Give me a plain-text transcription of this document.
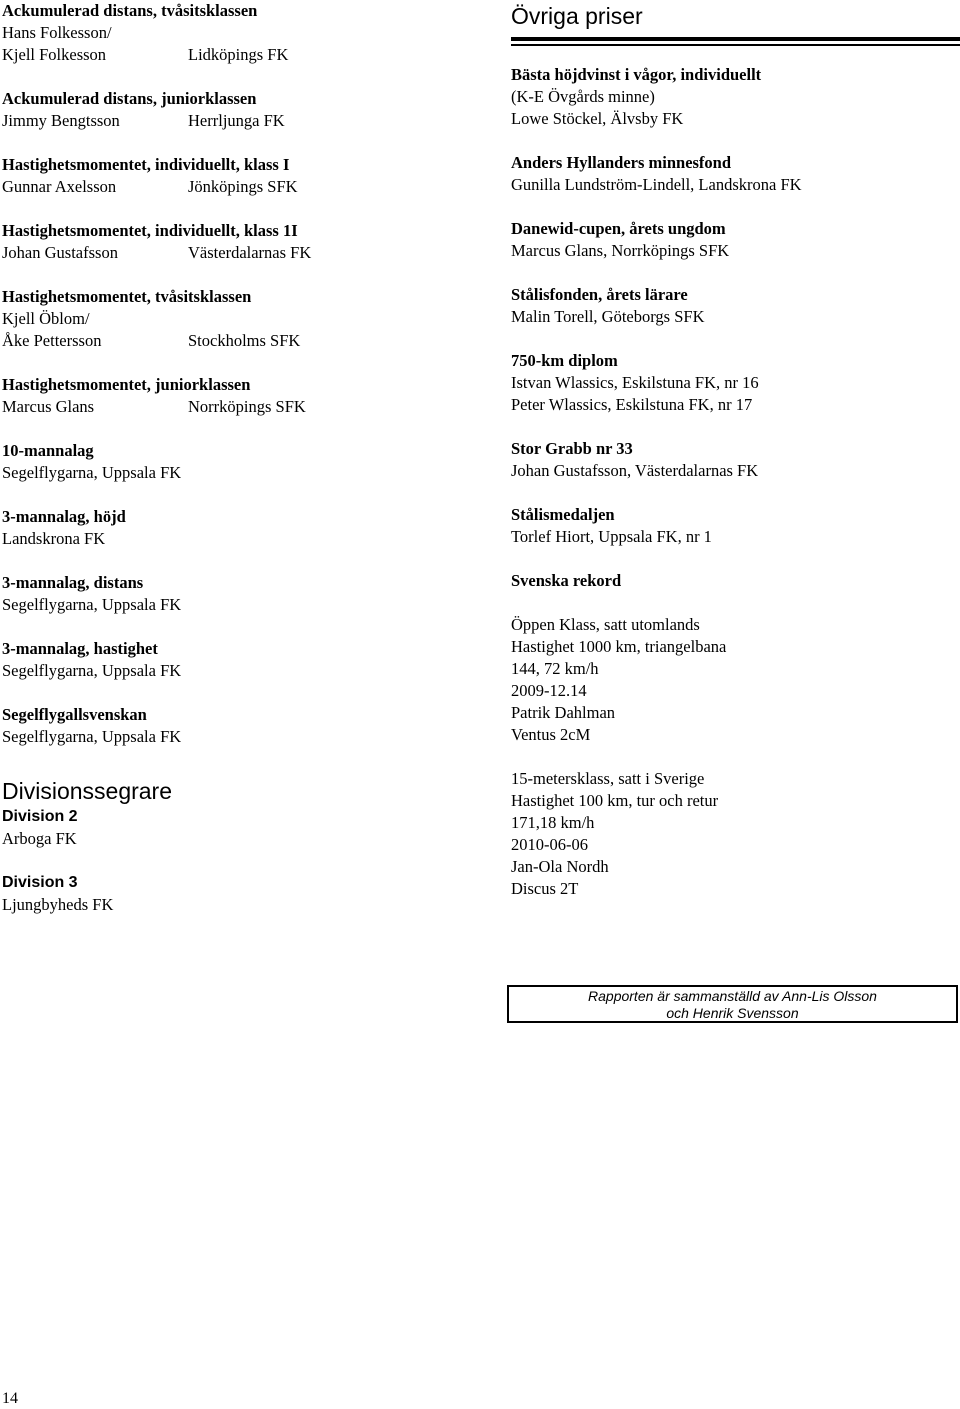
Ackumulerad distans, tvåsitsklassen
Hans Folkesson/
Kjell Folkesson	Lidköpings FK
Ackumulerad distans, juniorklassen
Jimmy Bengtsson	Herrljunga FK
Hastighetsmomentet, individuellt, klass I
Gunnar Axelsson	Jönköpings SFK
Hastighetsmomentet, individuellt, klass 1I
Johan Gustafsson	Västerdalarnas FK
Hastighetsmomentet, tvåsitsklassen
Kjell Öblom/
Åke Pettersson	Stockholms SFK
Hastighetsmomentet, juniorklassen
Marcus Glans	Norrköpings SFK
10-mannalag
Segelflygarna, Uppsala FK
3-mannalag, höjd
Landskrona FK
3-mannalag, distans
Segelflygarna, Uppsala FK
3-mannalag, hastighet
Segelflygarna, Uppsala FK
Segelflygallsvenskan
Segelflygarna, Uppsala FK
Divisionssegrare
Division 2
Arboga FK
Division 3
Ljungbyheds FK
Övriga priser
Bästa höjdvinst i vågor, individuellt
(K-E Övgårds minne)
Lowe Stöckel, Älvsby FK
Anders Hyllanders minnesfond
Gunilla Lundström-Lindell, Landskrona FK
Danewid-cupen, årets ungdom
Marcus Glans, Norrköpings SFK
Stålisfonden, årets lärare
Malin Torell, Göteborgs SFK
750-km diplom
Istvan Wlassics, Eskilstuna FK, nr 16
Peter Wlassics, Eskilstuna FK, nr 17
Stor Grabb nr 33
Johan Gustafsson, Västerdalarnas FK
Stålismedaljen
Torlef Hiort, Uppsala FK, nr 1
Svenska rekord
Öppen Klass, satt utomlands
Hastighet 1000 km, triangelbana
144, 72 km/h
2009-12.14
Patrik Dahlman
Ventus 2cM
15-metersklass, satt i Sverige
Hastighet 100 km, tur och retur
171,18 km/h
2010-06-06
Jan-Ola Nordh
Discus 2T
Rapporten är sammanställd av Ann-Lis Olsson
och Henrik Svensson
14
